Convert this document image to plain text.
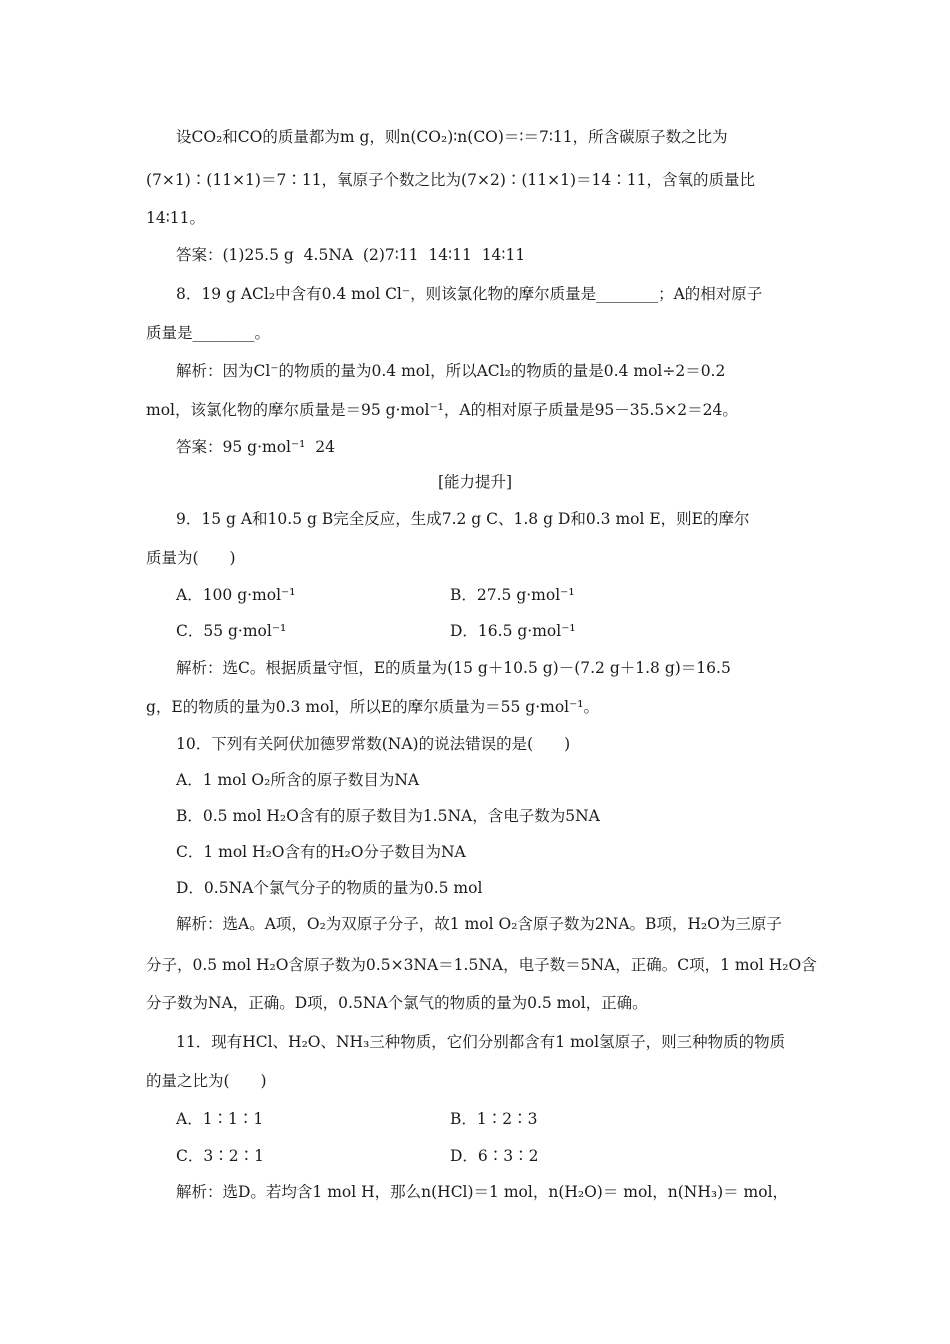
设CO₂和CO的质量都为m g，则n(CO₂)∶n(CO)＝∶＝7∶11，所含碳原子数之比为
(7×1)∶(11×1)＝7∶11，氧原子个数之比为(7×2)∶(11×1)＝14∶11，含氧的质量比
14∶11。
答案：(1)25.5 g  4.5NA  (2)7∶11  14∶11  14∶11
8．19 g ACl₂中含有0.4 mol Cl⁻，则该氯化物的摩尔质量是________；A的相对原子
质量是________。
解析：因为Cl⁻的物质的量为0.4 mol，所以ACl₂的物质的量是0.4 mol÷2＝0.2
mol，该氯化物的摩尔质量是＝95 g·mol⁻¹，A的相对原子质量是95－35.5×2＝24。
答案：95 g·mol⁻¹  24
[能力提升]
9．15 g A和10.5 g B完全反应，生成7.2 g C、1.8 g D和0.3 mol E，则E的摩尔
质量为(　　)
A．100 g·mol⁻¹	B．27.5 g·mol⁻¹
C．55 g·mol⁻¹	D．16.5 g·mol⁻¹
解析：选C。根据质量守恒，E的质量为(15 g＋10.5 g)－(7.2 g＋1.8 g)＝16.5
g，E的物质的量为0.3 mol，所以E的摩尔质量为＝55 g·mol⁻¹。
10．下列有关阿伏加德罗常数(NA)的说法错误的是(　　)
A．1 mol O₂所含的原子数目为NA
B．0.5 mol H₂O含有的原子数目为1.5NA，含电子数为5NA
C．1 mol H₂O含有的H₂O分子数目为NA
D．0.5NA个氯气分子的物质的量为0.5 mol
解析：选A。A项，O₂为双原子分子，故1 mol O₂含原子数为2NA。B项，H₂O为三原子
分子，0.5 mol H₂O含原子数为0.5×3NA＝1.5NA，电子数＝5NA，正确。C项，1 mol H₂O含
分子数为NA，正确。D项，0.5NA个氯气的物质的量为0.5 mol，正确。
11．现有HCl、H₂O、NH₃三种物质，它们分别都含有1 mol氢原子，则三种物质的物质
的量之比为(　　)
A．1∶1∶1	B．1∶2∶3
C．3∶2∶1	D．6∶3∶2
解析：选D。若均含1 mol H，那么n(HCl)＝1 mol，n(H₂O)＝ mol，n(NH₃)＝ mol，
